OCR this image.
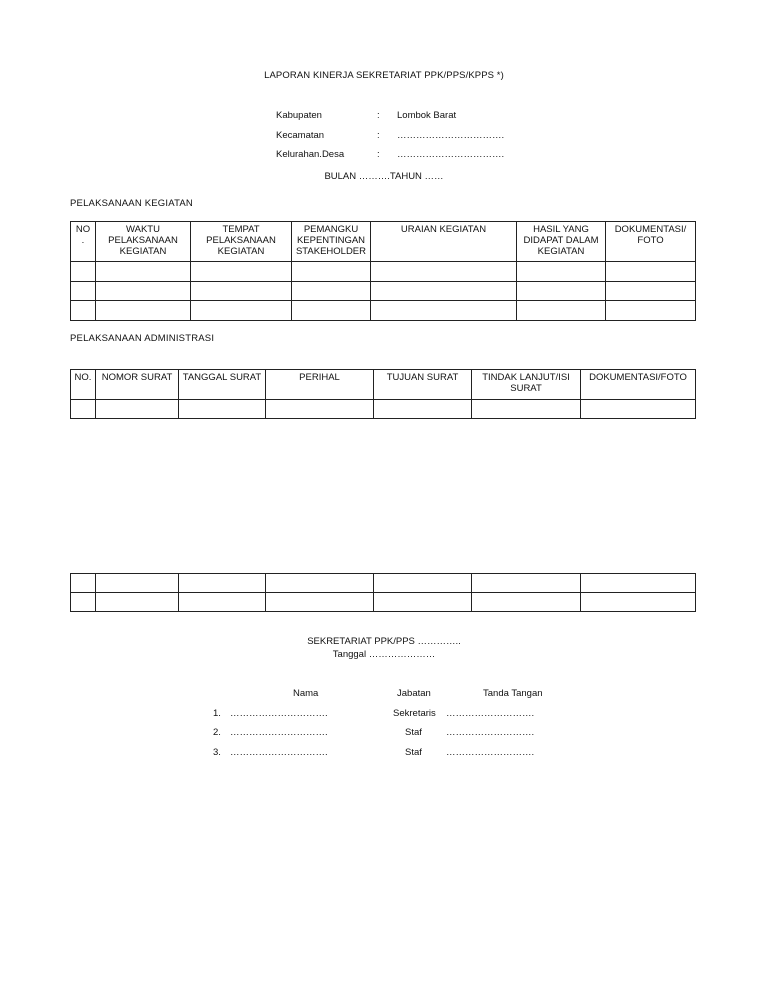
LAPORAN KINERJA SEKRETARIAT PPK/PPS/KPPS *)
Kabupaten	: Lombok Barat
Kecamatan	: …………………………….
Kelurahan.Desa	: …………………………….
BULAN ……….TAHUN ……
PELAKSANAAN KEGIATAN
NO .	WAKTU PELAKSANAAN KEGIATAN	TEMPAT PELAKSANAAN KEGIATAN	PEMANGKU KEPENTINGAN STAKEHOLDER	URAIAN KEGIATAN	HASIL YANG DIDAPAT DALAM KEGIATAN	DOKUMENTASI/ FOTO

PELAKSANAAN ADMINISTRASI
NO.	NOMOR SURAT	TANGGAL SURAT	PERIHAL	TUJUAN SURAT	TINDAK LANJUT/ISI SURAT	DOKUMENTASI/FOTO

SEKRETARIAT PPK/PPS …………..
Tanggal …………………
Nama	Jabatan	Tanda Tangan
1. ………………………….	Sekretaris ……………………….
2. ………………………….	Staf	……………………….
3. ………………………….	Staf	……………………….
